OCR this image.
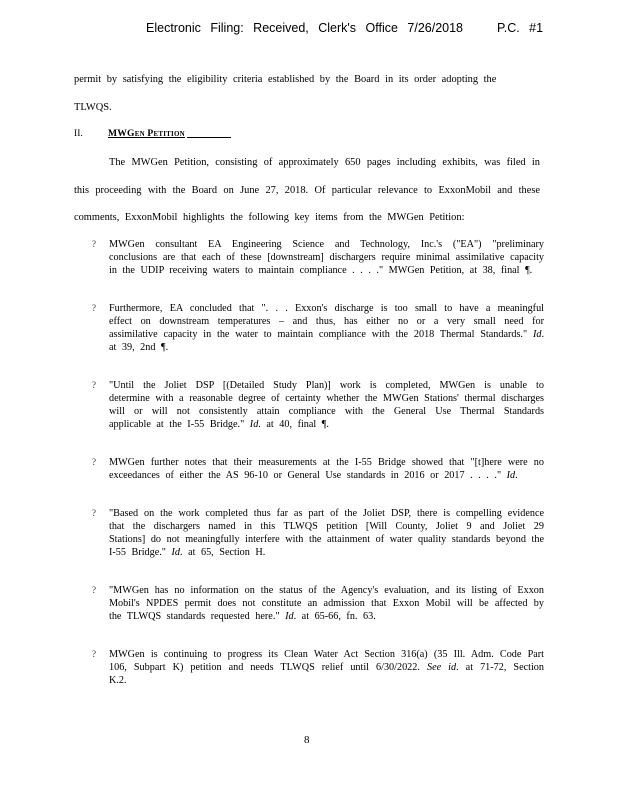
Electronic Filing: Received, Clerk's Office 7/26/2018	P.C. #1
permit by satisfying the eligibility criteria established by the Board in its order adopting the
TLWQS.
II.	MWGen Petition
The MWGen Petition, consisting of approximately 650 pages including exhibits, was filed in this proceeding with the Board on June 27, 2018. Of particular relevance to ExxonMobil and these comments, ExxonMobil highlights the following key items from the MWGen Petition:
? MWGen consultant EA Engineering Science and Technology, Inc.'s ("EA") "preliminary conclusions are that each of these [downstream] dischargers require minimal assimilative capacity in the UDIP receiving waters to maintain compliance . . . ." MWGen Petition, at 38, final ¶.
? Furthermore, EA concluded that ". . . Exxon's discharge is too small to have a meaningful effect on downstream temperatures – and thus, has either no or a very small need for assimilative capacity in the water to maintain compliance with the 2018 Thermal Standards." Id. at 39, 2nd ¶.
? "Until the Joliet DSP [(Detailed Study Plan)] work is completed, MWGen is unable to determine with a reasonable degree of certainty whether the MWGen Stations' thermal discharges will or will not consistently attain compliance with the General Use Thermal Standards applicable at the I-55 Bridge." Id. at 40, final ¶.
? MWGen further notes that their measurements at the I-55 Bridge showed that "[t]here were no exceedances of either the AS 96-10 or General Use standards in 2016 or 2017 . . . ." Id.
? "Based on the work completed thus far as part of the Joliet DSP, there is compelling evidence that the dischargers named in this TLWQS petition [Will County, Joliet 9 and Joliet 29 Stations] do not meaningfully interfere with the attainment of water quality standards beyond the I-55 Bridge." Id. at 65, Section H.
? "MWGen has no information on the status of the Agency's evaluation, and its listing of Exxon Mobil's NPDES permit does not constitute an admission that Exxon Mobil will be affected by the TLWQS standards requested here." Id. at 65-66, fn. 63.
? MWGen is continuing to progress its Clean Water Act Section 316(a) (35 Ill. Adm. Code Part 106, Subpart K) petition and needs TLWQS relief until 6/30/2022. See id. at 71-72, Section K.2.
8
